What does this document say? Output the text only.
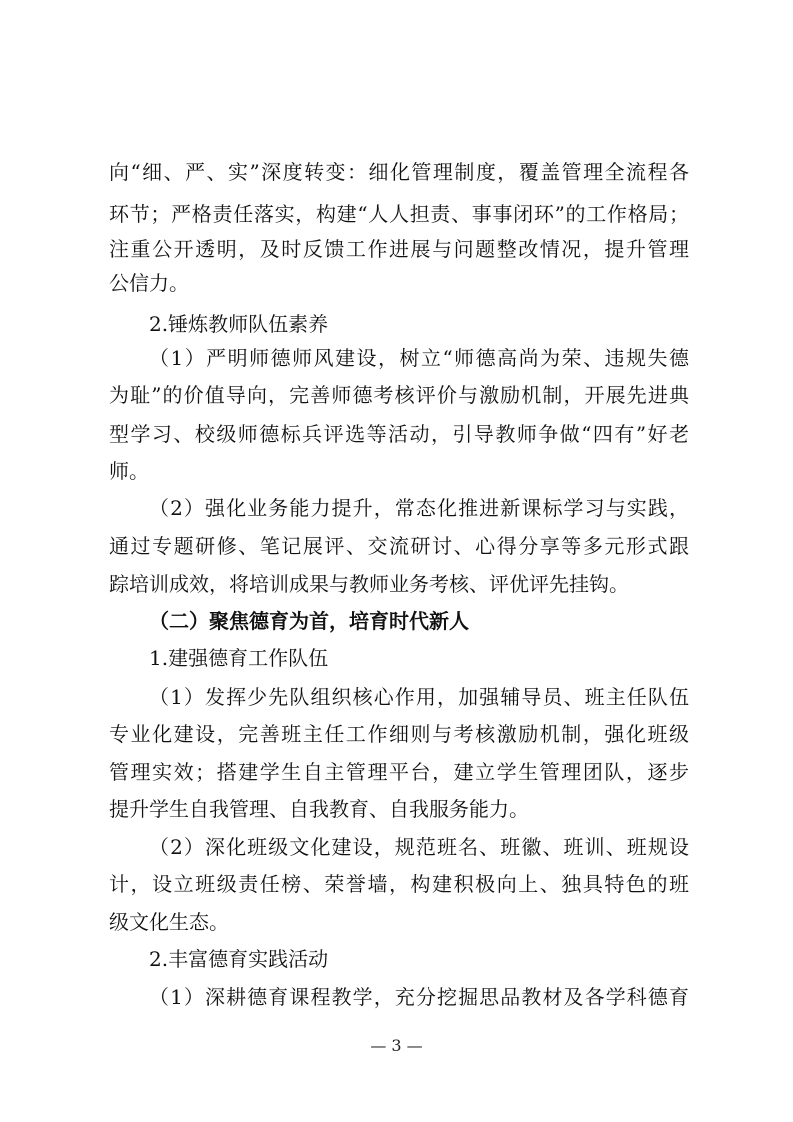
向“细、严、实”深度转变：细化管理制度，覆盖管理全流程各
环节；严格责任落实，构建“人人担责、事事闭环”的工作格局；
注重公开透明，及时反馈工作进展与问题整改情况，提升管理
公信力。
2.锤炼教师队伍素养
（1）严明师德师风建设，树立“师德高尚为荣、违规失德
为耻”的价值导向，完善师德考核评价与激励机制，开展先进典
型学习、校级师德标兵评选等活动，引导教师争做“四有”好老
师。
（2）强化业务能力提升，常态化推进新课标学习与实践，
通过专题研修、笔记展评、交流研讨、心得分享等多元形式跟
踪培训成效，将培训成果与教师业务考核、评优评先挂钩。
（二）聚焦德育为首，培育时代新人
1.建强德育工作队伍
（1）发挥少先队组织核心作用，加强辅导员、班主任队伍
专业化建设，完善班主任工作细则与考核激励机制，强化班级
管理实效；搭建学生自主管理平台，建立学生管理团队，逐步
提升学生自我管理、自我教育、自我服务能力。
（2）深化班级文化建设，规范班名、班徽、班训、班规设
计，设立班级责任榜、荣誉墙，构建积极向上、独具特色的班
级文化生态。
2.丰富德育实践活动
（1）深耕德育课程教学，充分挖掘思品教材及各学科德育
— 3 —
